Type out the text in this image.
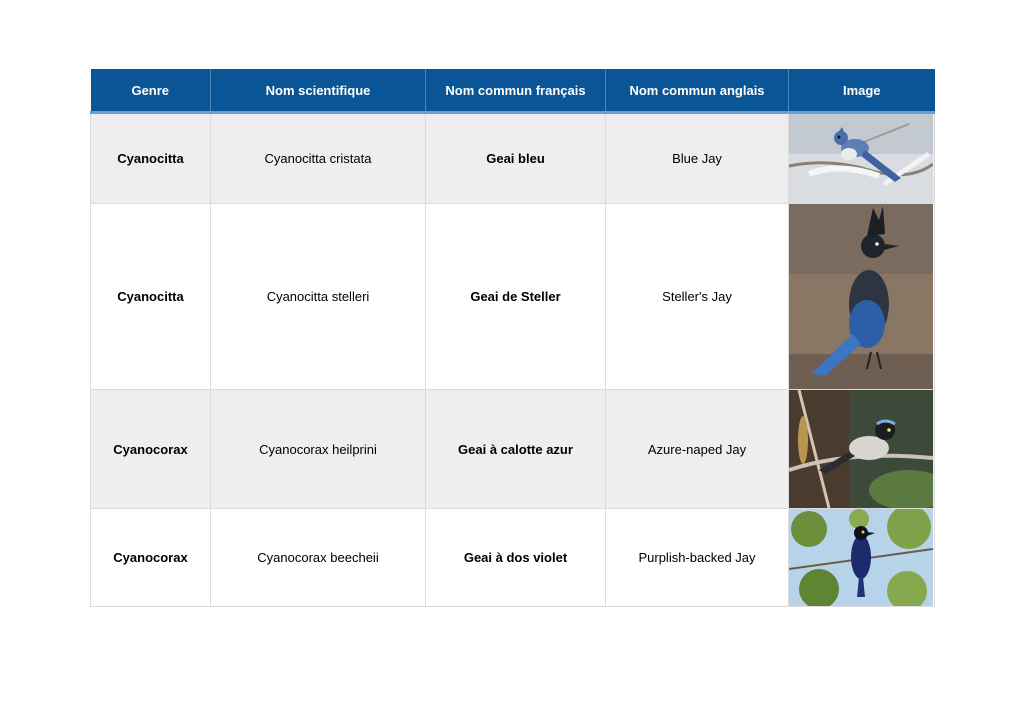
Genre	Nom scientifique	Nom commun français	Nom commun anglais	Image
Cyanocitta	Cyanocitta cristata	Geai bleu	Blue Jay	

Cyanocitta	Cyanocitta stelleri	Geai de Steller	Steller's Jay	

Cyanocorax	Cyanocorax heilprini	Geai à calotte azur	Azure-naped Jay	

Cyanocorax	Cyanocorax beecheii	Geai à dos violet	Purplish-backed Jay	
